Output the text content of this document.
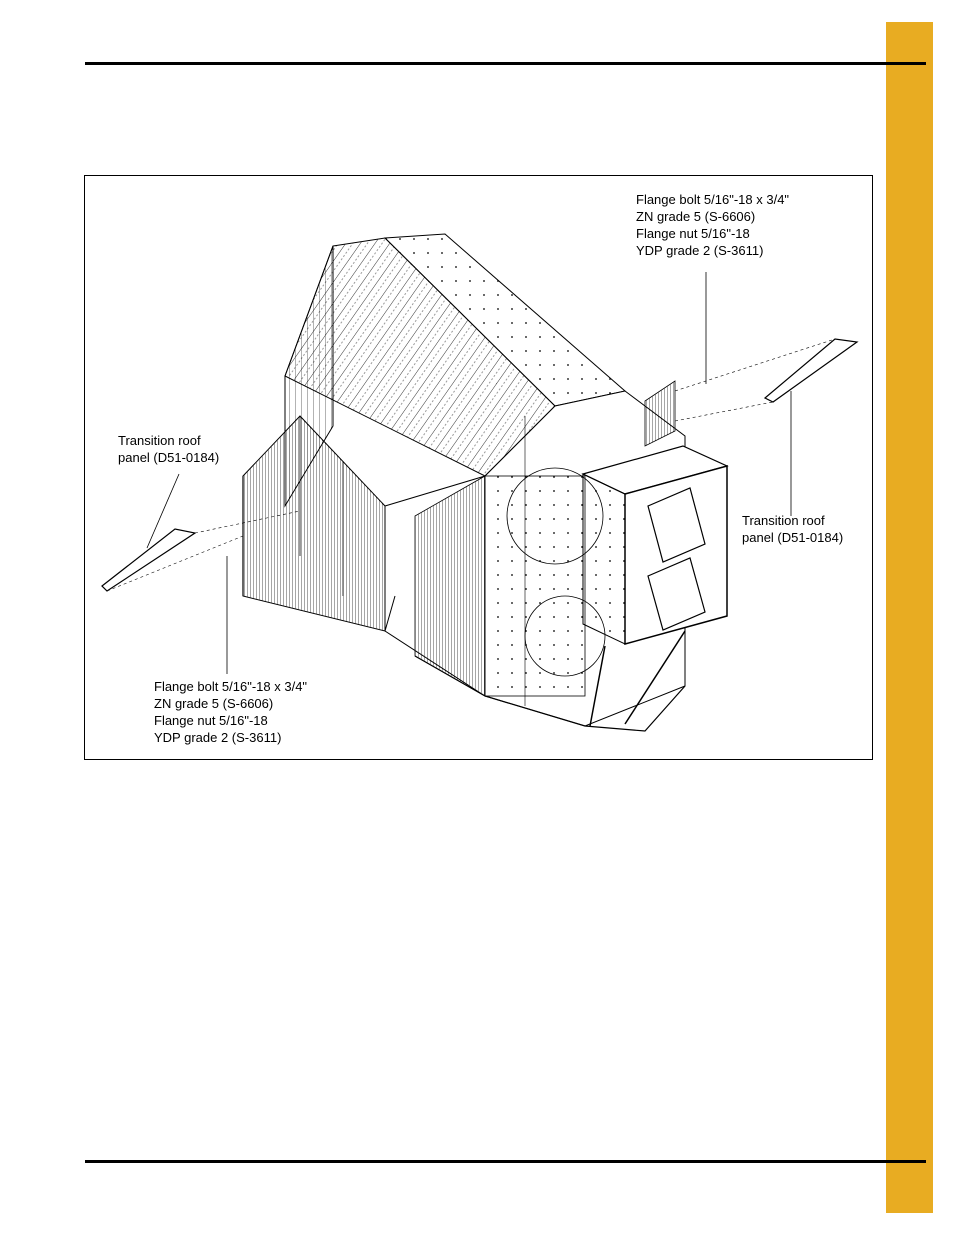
Flange bolt 5/16"-18 x 3/4"
ZN grade 5 (S-6606)
Flange nut 5/16"-18
YDP grade 2 (S-3611)
Transition roof
panel (D51-0184)
Transition roof
panel (D51-0184)
Flange bolt 5/16"-18 x 3/4"
ZN grade 5 (S-6606)
Flange nut 5/16"-18
YDP grade 2 (S-3611)
